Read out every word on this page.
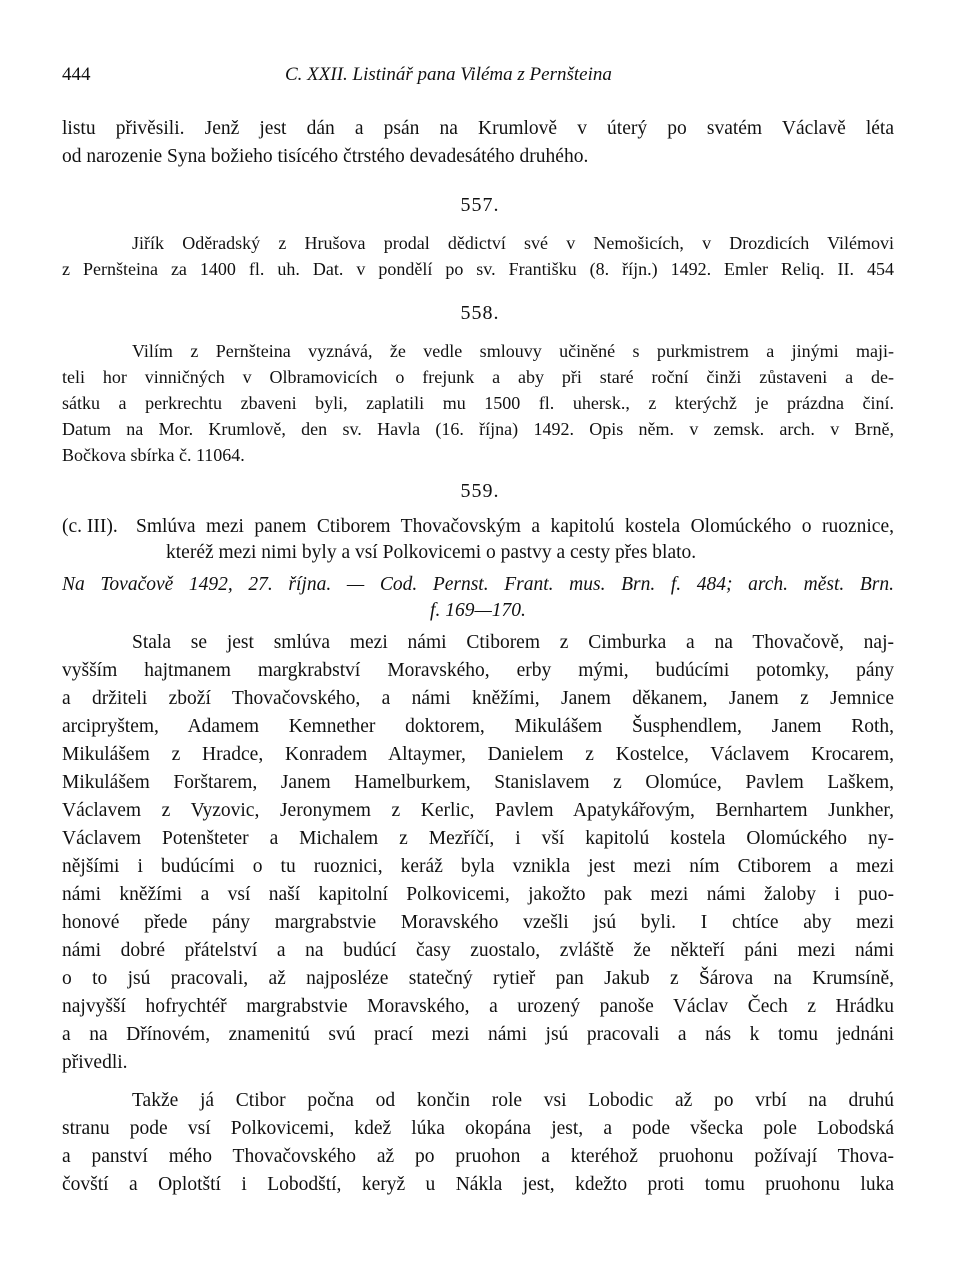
444	C. XXII. Listinář pana Viléma z Pernšteina
listu přivěsili. Jenž jest dán a psán na Krumlově v úterý po svatém Václavě léta
od narozenie Syna božieho tisícého čtrstého devadesátého druhého.
557.
Jiřík Oděradský z Hrušova prodal dědictví své v Nemošicích, v Drozdicích Vilémovi
z Pernšteina za 1400 fl. uh. Dat. v pondělí po sv. Františku (8. říjn.) 1492. Emler Reliq. II. 454
558.
Vilím z Pernšteina vyznává, že vedle smlouvy učiněné s purkmistrem a jinými maji-
teli hor vinničných v Olbramovicích o frejunk a aby při staré roční činži zůstaveni a de-
sátku a perkrechtu zbaveni byli, zaplatili mu 1500 fl. uhersk., z kterýchž je prázdna činí.
Datum na Mor. Krumlově, den sv. Havla (16. října) 1492. Opis něm. v zemsk. arch. v Brně,
Bočkova sbírka č. 11064.
559.
(c. III). Smlúva mezi panem Ctiborem Thovačovským a kapitolú kostela Olomúckého o ruoznice,
kteréž mezi nimi byly a vsí Polkovicemi o pastvy a cesty přes blato.
Na Tovačově 1492, 27. října. — Cod. Pernst. Frant. mus. Brn. f. 484; arch. měst. Brn.
f. 169—170.
Stala se jest smlúva mezi námi Ctiborem z Cimburka a na Thovačově, naj-
vyšším hajtmanem margkrabství Moravského, erby mými, budúcími potomky, pány
a držiteli zboží Thovačovského, a námi kněžími, Janem děkanem, Janem z Jemnice
arcipryštem, Adamem Kemnether doktorem, Mikulášem Šusphendlem, Janem Roth,
Mikulášem z Hradce, Konradem Altaymer, Danielem z Kostelce, Václavem Krocarem,
Mikulášem Forštarem, Janem Hamelburkem, Stanislavem z Olomúce, Pavlem Laškem,
Václavem z Vyzovic, Jeronymem z Kerlic, Pavlem Apatykářovým, Bernhartem Junkher,
Václavem Potenšteter a Michalem z Mezříčí, i vší kapitolú kostela Olomúckého ny-
nějšími i budúcími o tu ruoznici, keráž byla vznikla jest mezi ním Ctiborem a mezi
námi kněžími a vsí naší kapitolní Polkovicemi, jakožto pak mezi námi žaloby i puo-
honové přede pány margrabstvie Moravského vzešli jsú byli. I chtíce aby mezi
námi dobré přátelství a na budúcí časy zuostalo, zvláště že někteří páni mezi námi
o to jsú pracovali, až najposléze statečný rytieř pan Jakub z Šárova na Krumsíně,
najvyšší hofrychtéř margrabstvie Moravského, a urozený panoše Václav Čech z Hrádku
a na Dřínovém, znamenitú svú prací mezi námi jsú pracovali a nás k tomu jednáni
přivedli.
Takže já Ctibor počna od končin role vsi Lobodic až po vrbí na druhú
stranu pode vsí Polkovicemi, kdež lúka okopána jest, a pode všecka pole Lobodská
a panství mého Thovačovského až po pruohon a kteréhož pruohonu požívají Thova-
čovští a Oplotští i Lobodští, keryž u Nákla jest, kdežto proti tomu pruohonu luka
